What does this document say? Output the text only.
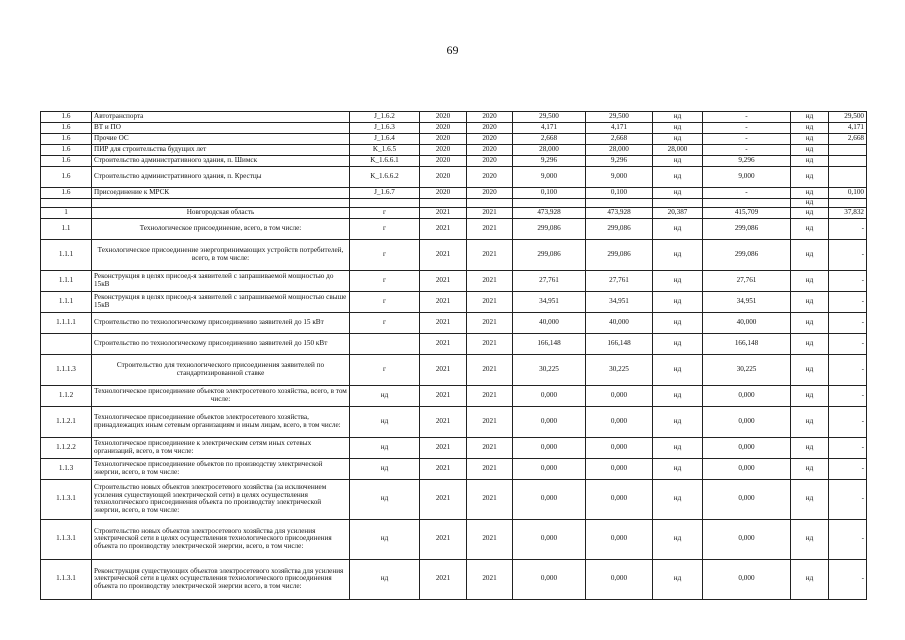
69
1.6	Автотранспорта	J_1.6.2	2020	2020	29,500	29,500	нд	-	нд	29,500
1.6	ВТ и ПО	J_1.6.3	2020	2020	4,171	4,171	нд	-	нд	4,171
1.6	Прочие ОС	J_1.6.4	2020	2020	2,668	2,668	нд	-	нд	2,668
1.6	ПИР для строительства будущих лет	K_1.6.5	2020	2020	28,000	28,000	28,000	-	нд	
1.6	Строительство административного здания, п. Шимск	K_1.6.6.1	2020	2020	9,296	9,296	нд	9,296	нд	
1.6	Строительство административного здания, п. Крестцы	K_1.6.6.2	2020	2020	9,000	9,000	нд	9,000	нд	
1.6	Присоединение к МРСК	J_1.6.7	2020	2020	0,100	0,100	нд	-	нд	0,100
									нд	
1	Новгородская область	г	2021	2021	473,928	473,928	20,387	415,709	нд	37,832
1.1	Технологическое присоединение, всего, в том числе:	г	2021	2021	299,086	299,086	нд	299,086	нд	-
1.1.1	Технологическое присоединение энергопринимающих устройств потребителей, всего, в том числе:	г	2021	2021	299,086	299,086	нд	299,086	нд	-
1.1.1	Реконструкция в целях присоед-я заявителей с запрашиваемой мощностью до 15кВ	г	2021	2021	27,761	27,761	нд	27,761	нд	-
1.1.1	Реконструкция в целях присоед-я заявителей с запрашиваемой мощностью свыше 15кВ	г	2021	2021	34,951	34,951	нд	34,951	нд	-
1.1.1.1	Строительство по технологическому присоединению заявителей до 15 кВт	г	2021	2021	40,000	40,000	нд	40,000	нд	-
	Строительство по технологическому присоединению заявителей до 150 кВт		2021	2021	166,148	166,148	нд	166,148	нд	-
1.1.1.3	Строительство для технологического присоединения заявителей по стандартизированной ставке	г	2021	2021	30,225	30,225	нд	30,225	нд	-
1.1.2	Технологическое присоединение объектов электросетевого хозяйства, всего, в том числе:	нд	2021	2021	0,000	0,000	нд	0,000	нд	-
1.1.2.1	Технологическое присоединение объектов электросетевого хозяйства, принадлежащих иным сетевым организациям и иным лицам, всего, в том числе:	нд	2021	2021	0,000	0,000	нд	0,000	нд	-
1.1.2.2	Технологическое присоединение к электрическим сетям иных сетевых организаций, всего, в том числе:	нд	2021	2021	0,000	0,000	нд	0,000	нд	-
1.1.3	Технологическое присоединение объектов по производству электрической энергии, всего, в том числе:	нд	2021	2021	0,000	0,000	нд	0,000	нд	-
1.1.3.1	Строительство новых объектов электросетевого хозяйства (за исключением усиления существующей электрической сети) в целях осуществления технологического присоединения объекта по производству электрической энергии, всего, в том числе:	нд	2021	2021	0,000	0,000	нд	0,000	нд	-
1.1.3.1	Строительство новых объектов электросетевого хозяйства для усиления электрической сети в целях осуществления технологического присоединения объекта по производству электрической энергии, всего, в том числе:	нд	2021	2021	0,000	0,000	нд	0,000	нд	-
1.1.3.1	Реконструкция существующих объектов электросетевого хозяйства для усиления электрической сети в целях осуществления технологического присоединения объекта по производству электрической энергии всего, в том числе:	нд	2021	2021	0,000	0,000	нд	0,000	нд	-
